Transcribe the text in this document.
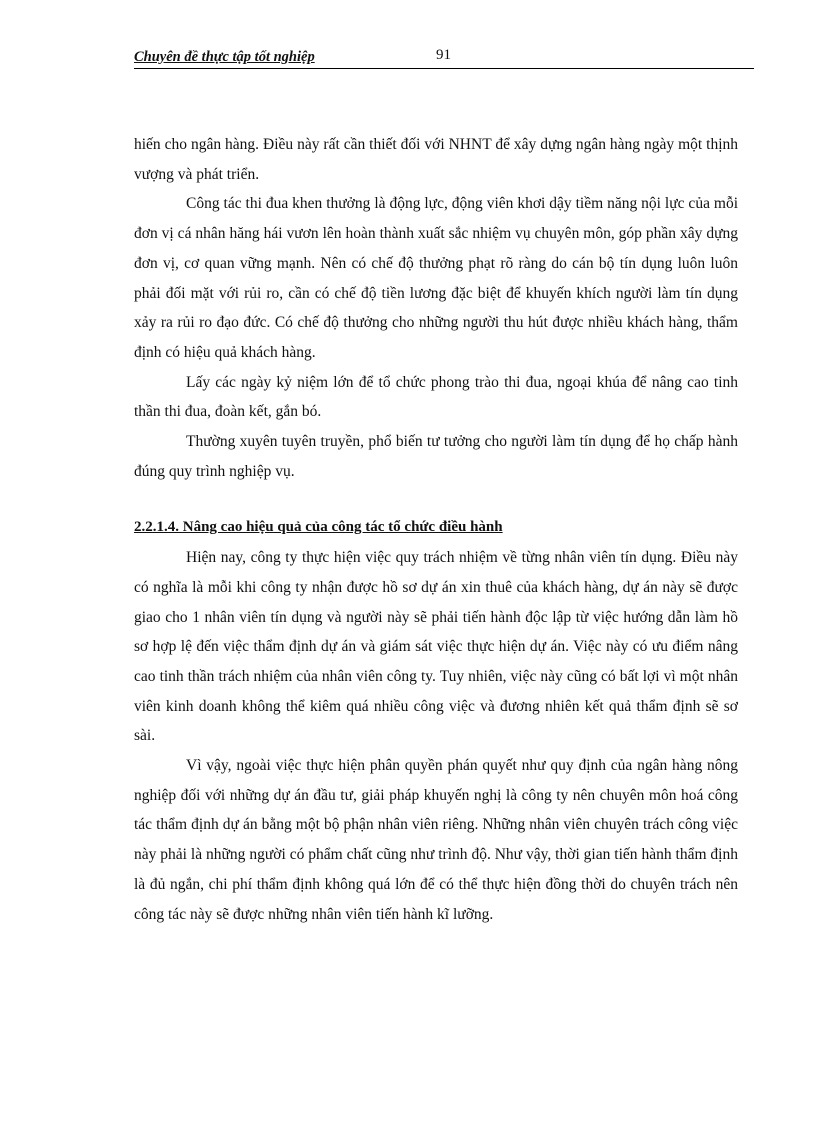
Chuyên đề thực tập tốt nghiệp	91

hiến cho ngân hàng. Điều này rất cần thiết đối với NHNT để xây dựng ngân hàng ngày một thịnh vượng và phát triển.

Công tác thi đua khen thưởng là động lực, động viên khơi dậy tiềm năng nội lực của mỗi đơn vị cá nhân hăng hái vươn lên hoàn thành xuất sắc nhiệm vụ chuyên môn, góp phần xây dựng đơn vị, cơ quan vững mạnh. Nên có chế độ thưởng phạt rõ ràng do cán bộ tín dụng luôn luôn phải đối mặt với rủi ro, cần có chế độ tiền lương đặc biệt để khuyến khích người làm tín dụng xảy ra rủi ro đạo đức. Có chế độ thưởng cho những người thu hút được nhiều khách hàng, thẩm định có hiệu quả khách hàng.

Lấy các ngày kỷ niệm lớn để tổ chức phong trào thi đua, ngoại khúa để nâng cao tinh thần thi đua, đoàn kết, gắn bó.

Thường xuyên tuyên truyền, phổ biến tư tưởng cho người làm tín dụng để họ chấp hành đúng quy trình nghiệp vụ.

2.2.1.4. Nâng cao hiệu quả của công tác tổ chức điều hành

Hiện nay, công ty thực hiện việc quy trách nhiệm về từng nhân viên tín dụng. Điều này có nghĩa là mỗi khi công ty nhận được hồ sơ dự án xin thuê của khách hàng, dự án này sẽ được giao cho 1 nhân viên tín dụng và người này sẽ phải tiến hành độc lập từ việc hướng dẫn làm hồ sơ hợp lệ đến việc thẩm định dự án và giám sát việc thực hiện dự án. Việc này có ưu điểm nâng cao tinh thần trách nhiệm của nhân viên công ty. Tuy nhiên, việc này cũng có bất lợi vì một nhân viên kinh doanh không thể kiêm quá nhiều công việc và đương nhiên kết quả thẩm định sẽ sơ sài.

Vì vậy, ngoài việc thực hiện phân quyền phán quyết như quy định của ngân hàng nông nghiệp đối với những dự án đầu tư, giải pháp khuyến nghị là công ty nên chuyên môn hoá công tác thẩm định dự án bằng một bộ phận nhân viên riêng. Những nhân viên chuyên trách công việc này phải là những người có phẩm chất cũng như trình độ. Như vậy, thời gian tiến hành thẩm định là đủ ngắn, chi phí thẩm định không quá lớn để có thể thực hiện đồng thời do chuyên trách nên công tác này sẽ được những nhân viên tiến hành kĩ lưỡng.
